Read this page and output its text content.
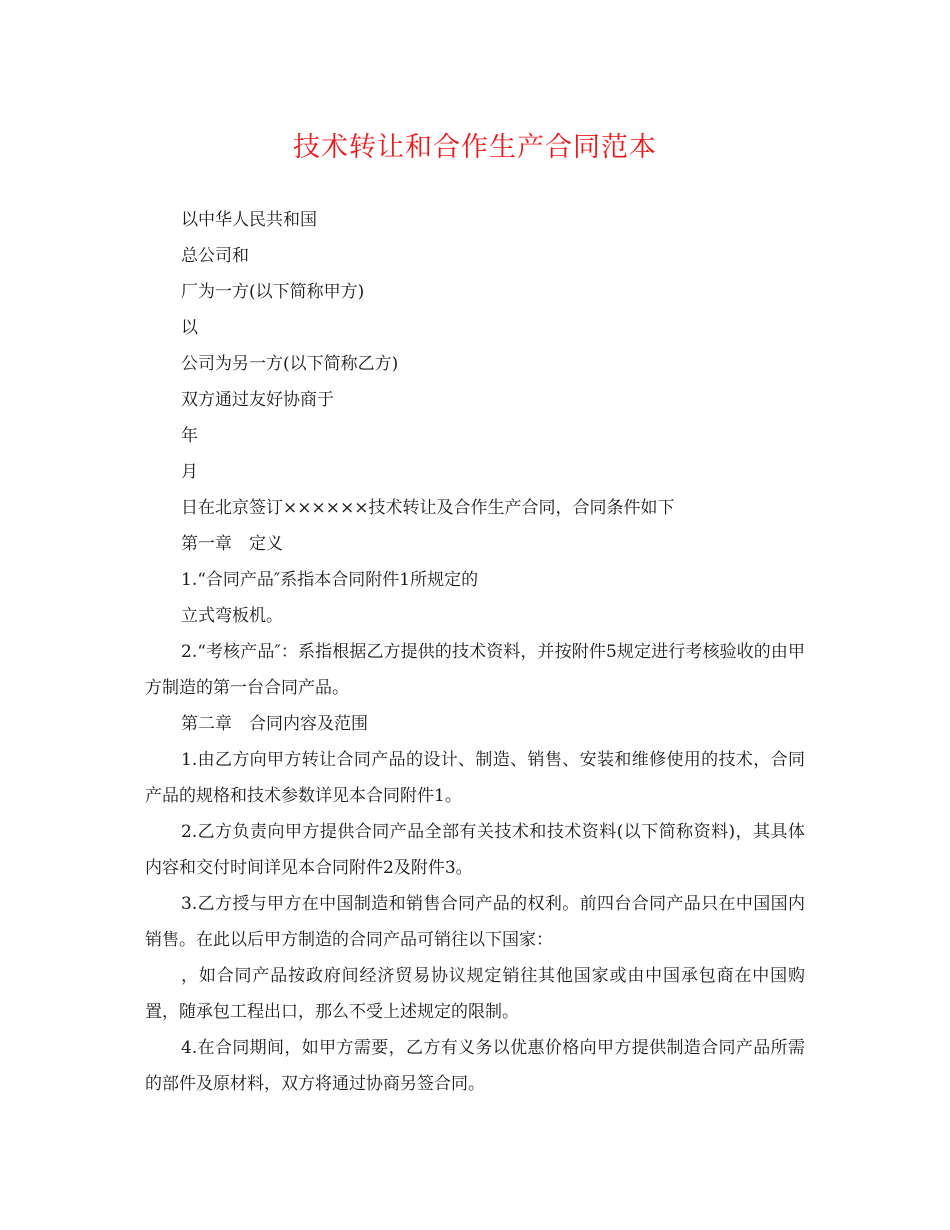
技术转让和合作生产合同范本

以中华人民共和国

总公司和

厂为一方(以下简称甲方)

以

公司为另一方(以下简称乙方)

双方通过友好协商于

年

月

日在北京签订××××××技术转让及合作生产合同，合同条件如下

第一章　定义

1.“合同产品″系指本合同附件1所规定的

立式弯板机。

2.“考核产品″：系指根据乙方提供的技术资料，并按附件5规定进行考核验收的由甲方制造的第一台合同产品。

第二章　合同内容及范围

1.由乙方向甲方转让合同产品的设计、制造、销售、安装和维修使用的技术，合同产品的规格和技术参数详见本合同附件1。

2.乙方负责向甲方提供合同产品全部有关技术和技术资料(以下简称资料)，其具体内容和交付时间详见本合同附件2及附件3。

3.乙方授与甲方在中国制造和销售合同产品的权利。前四台合同产品只在中国国内销售。在此以后甲方制造的合同产品可销往以下国家：

，如合同产品按政府间经济贸易协议规定销往其他国家或由中国承包商在中国购置，随承包工程出口，那么不受上述规定的限制。

4.在合同期间，如甲方需要，乙方有义务以优惠价格向甲方提供制造合同产品所需的部件及原材料，双方将通过协商另签合同。
